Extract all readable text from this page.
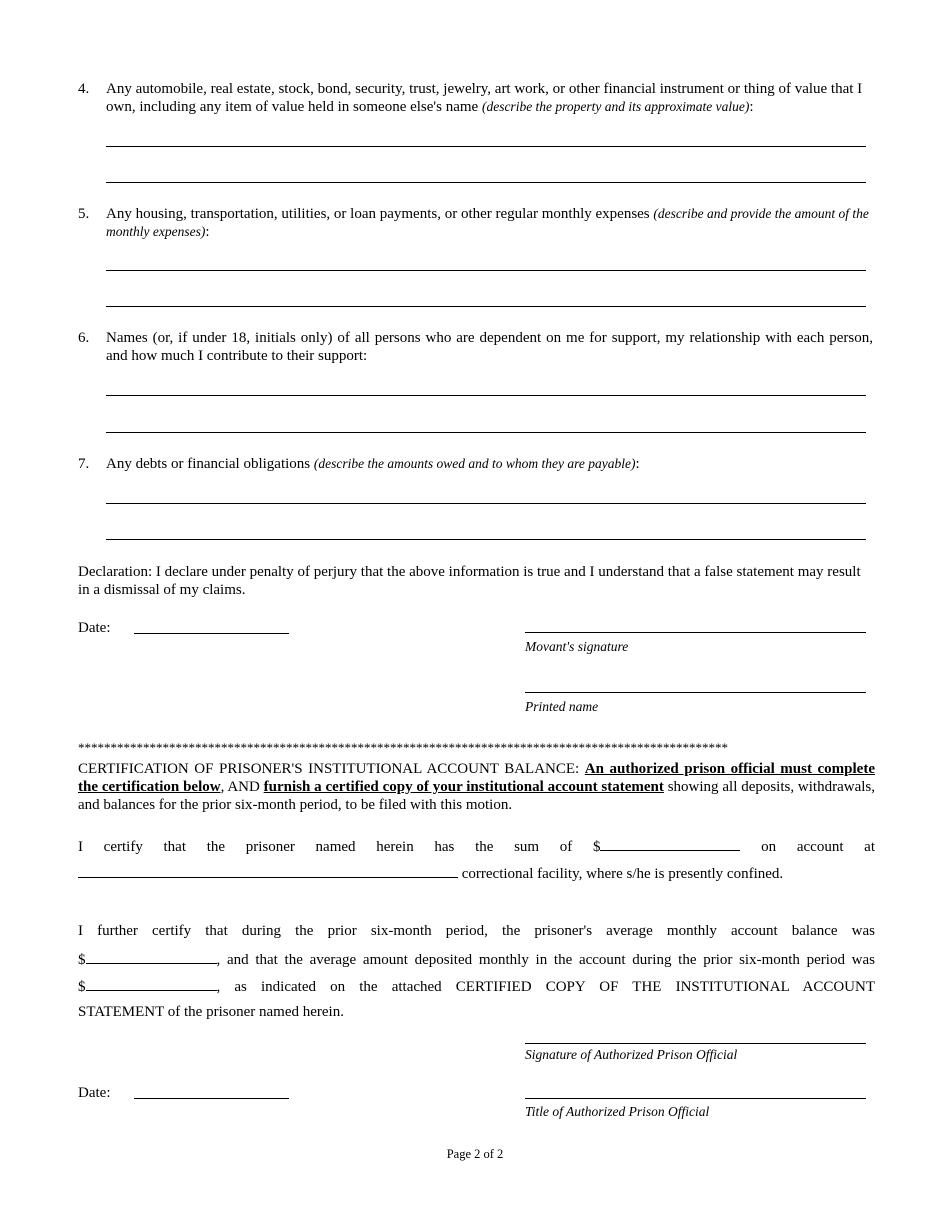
4. Any automobile, real estate, stock, bond, security, trust, jewelry, art work, or other financial instrument or thing of value that I own, including any item of value held in someone else's name (describe the property and its approximate value):
5. Any housing, transportation, utilities, or loan payments, or other regular monthly expenses (describe and provide the amount of the monthly expenses):
6. Names (or, if under 18, initials only) of all persons who are dependent on me for support, my relationship with each person, and how much I contribute to their support:
7. Any debts or financial obligations (describe the amounts owed and to whom they are payable):
Declaration: I declare under penalty of perjury that the above information is true and I understand that a false statement may result in a dismissal of my claims.
Date:
Movant's signature
Printed name
****************************************************************************************************
CERTIFICATION OF PRISONER'S INSTITUTIONAL ACCOUNT BALANCE: An authorized prison official must complete the certification below, AND furnish a certified copy of your institutional account statement showing all deposits, withdrawals, and balances for the prior six-month period, to be filed with this motion.
I certify that the prisoner named herein has the sum of $	on account at
correctional facility, where s/he is presently confined.
I further certify that during the prior six-month period, the prisoner's average monthly account balance was
$	, and that the average amount deposited monthly in the account during the prior six-month period was
$	, as indicated on the attached CERTIFIED COPY OF THE INSTITUTIONAL ACCOUNT
STATEMENT of the prisoner named herein.
Signature of Authorized Prison Official
Date:
Title of Authorized Prison Official
Page 2 of 2
